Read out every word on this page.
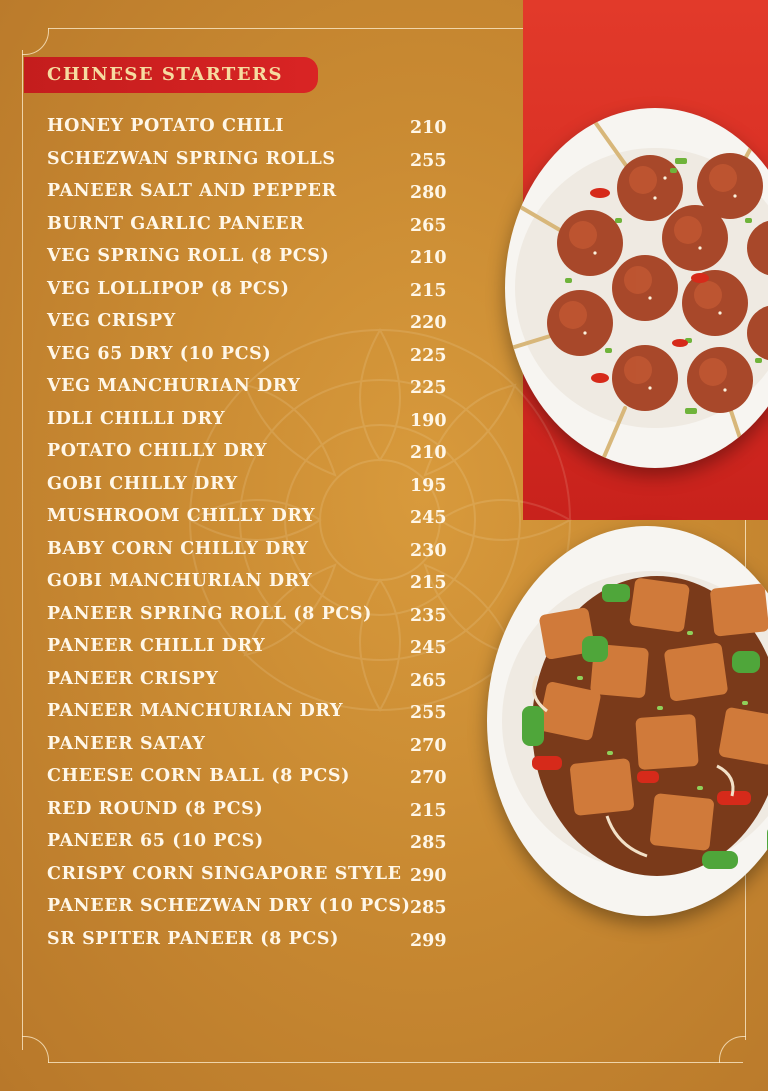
CHINESE STARTERS
HONEY POTATO CHILI	210
SCHEZWAN SPRING ROLLS	255
PANEER SALT AND PEPPER	280
BURNT GARLIC PANEER	265
VEG SPRING ROLL (8 PCS)	210
VEG LOLLIPOP (8 PCS)	215
VEG CRISPY	220
VEG 65 DRY (10 PCS)	225
VEG MANCHURIAN DRY	225
IDLI CHILLI DRY	190
POTATO CHILLY DRY	210
GOBI CHILLY DRY	195
MUSHROOM CHILLY DRY	245
BABY CORN CHILLY DRY	230
GOBI MANCHURIAN DRY	215
PANEER SPRING ROLL (8 PCS) 235
PANEER CHILLI DRY	245
PANEER CRISPY	265
PANEER MANCHURIAN DRY	255
PANEER SATAY	270
CHEESE CORN BALL (8 PCS)	270
RED ROUND (8 PCS)	215
PANEER 65 (10 PCS)	285
CRISPY CORN SINGAPORE STYLE 290
PANEER SCHEZWAN DRY (10 PCS) 285
SR SPITER PANEER (8 PCS)	299
